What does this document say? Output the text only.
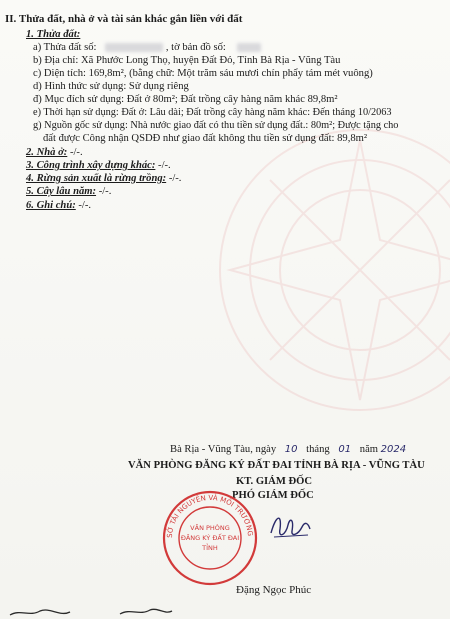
II. Thửa đất, nhà ở và tài sản khác gắn liền với đất
1. Thửa đất:
a) Thửa đất số:	, tờ bản đồ số:
b) Địa chỉ: Xã Phước Long Thọ, huyện Đất Đỏ, Tỉnh Bà Rịa - Vũng Tàu
c) Diện tích: 169,8m², (bằng chữ: Một trăm sáu mươi chín phẩy tám mét vuông)
d) Hình thức sử dụng: Sử dụng riêng
đ) Mục đích sử dụng: Đất ở 80m²; Đất trồng cây hàng năm khác 89,8m²
e) Thời hạn sử dụng: Đất ở: Lâu dài; Đất trồng cây hàng năm khác: Đến tháng 10/2063
g) Nguồn gốc sử dụng: Nhà nước giao đất có thu tiền sử dụng đất.: 80m²; Được tặng cho
đất được Công nhận QSDĐ như giao đất không thu tiền sử dụng đất: 89,8m²
2. Nhà ở: -/-.
3. Công trình xây dựng khác: -/-.
4. Rừng sản xuất là rừng trồng: -/-.
5. Cây lâu năm: -/-.
6. Ghi chú: -/-.
Bà Rịa - Vũng Tàu, ngày 10 tháng 01 năm 2024
VĂN PHÒNG ĐĂNG KÝ ĐẤT ĐAI TỈNH BÀ RỊA - VŨNG TÀU
KT. GIÁM ĐỐC
PHÓ GIÁM ĐỐC
SỞ TÀI NGUYÊN VÀ MÔI TRƯỜNG
VĂN PHÒNG
ĐĂNG KÝ ĐẤT ĐAI
TỈNH
Đặng Ngọc Phúc
